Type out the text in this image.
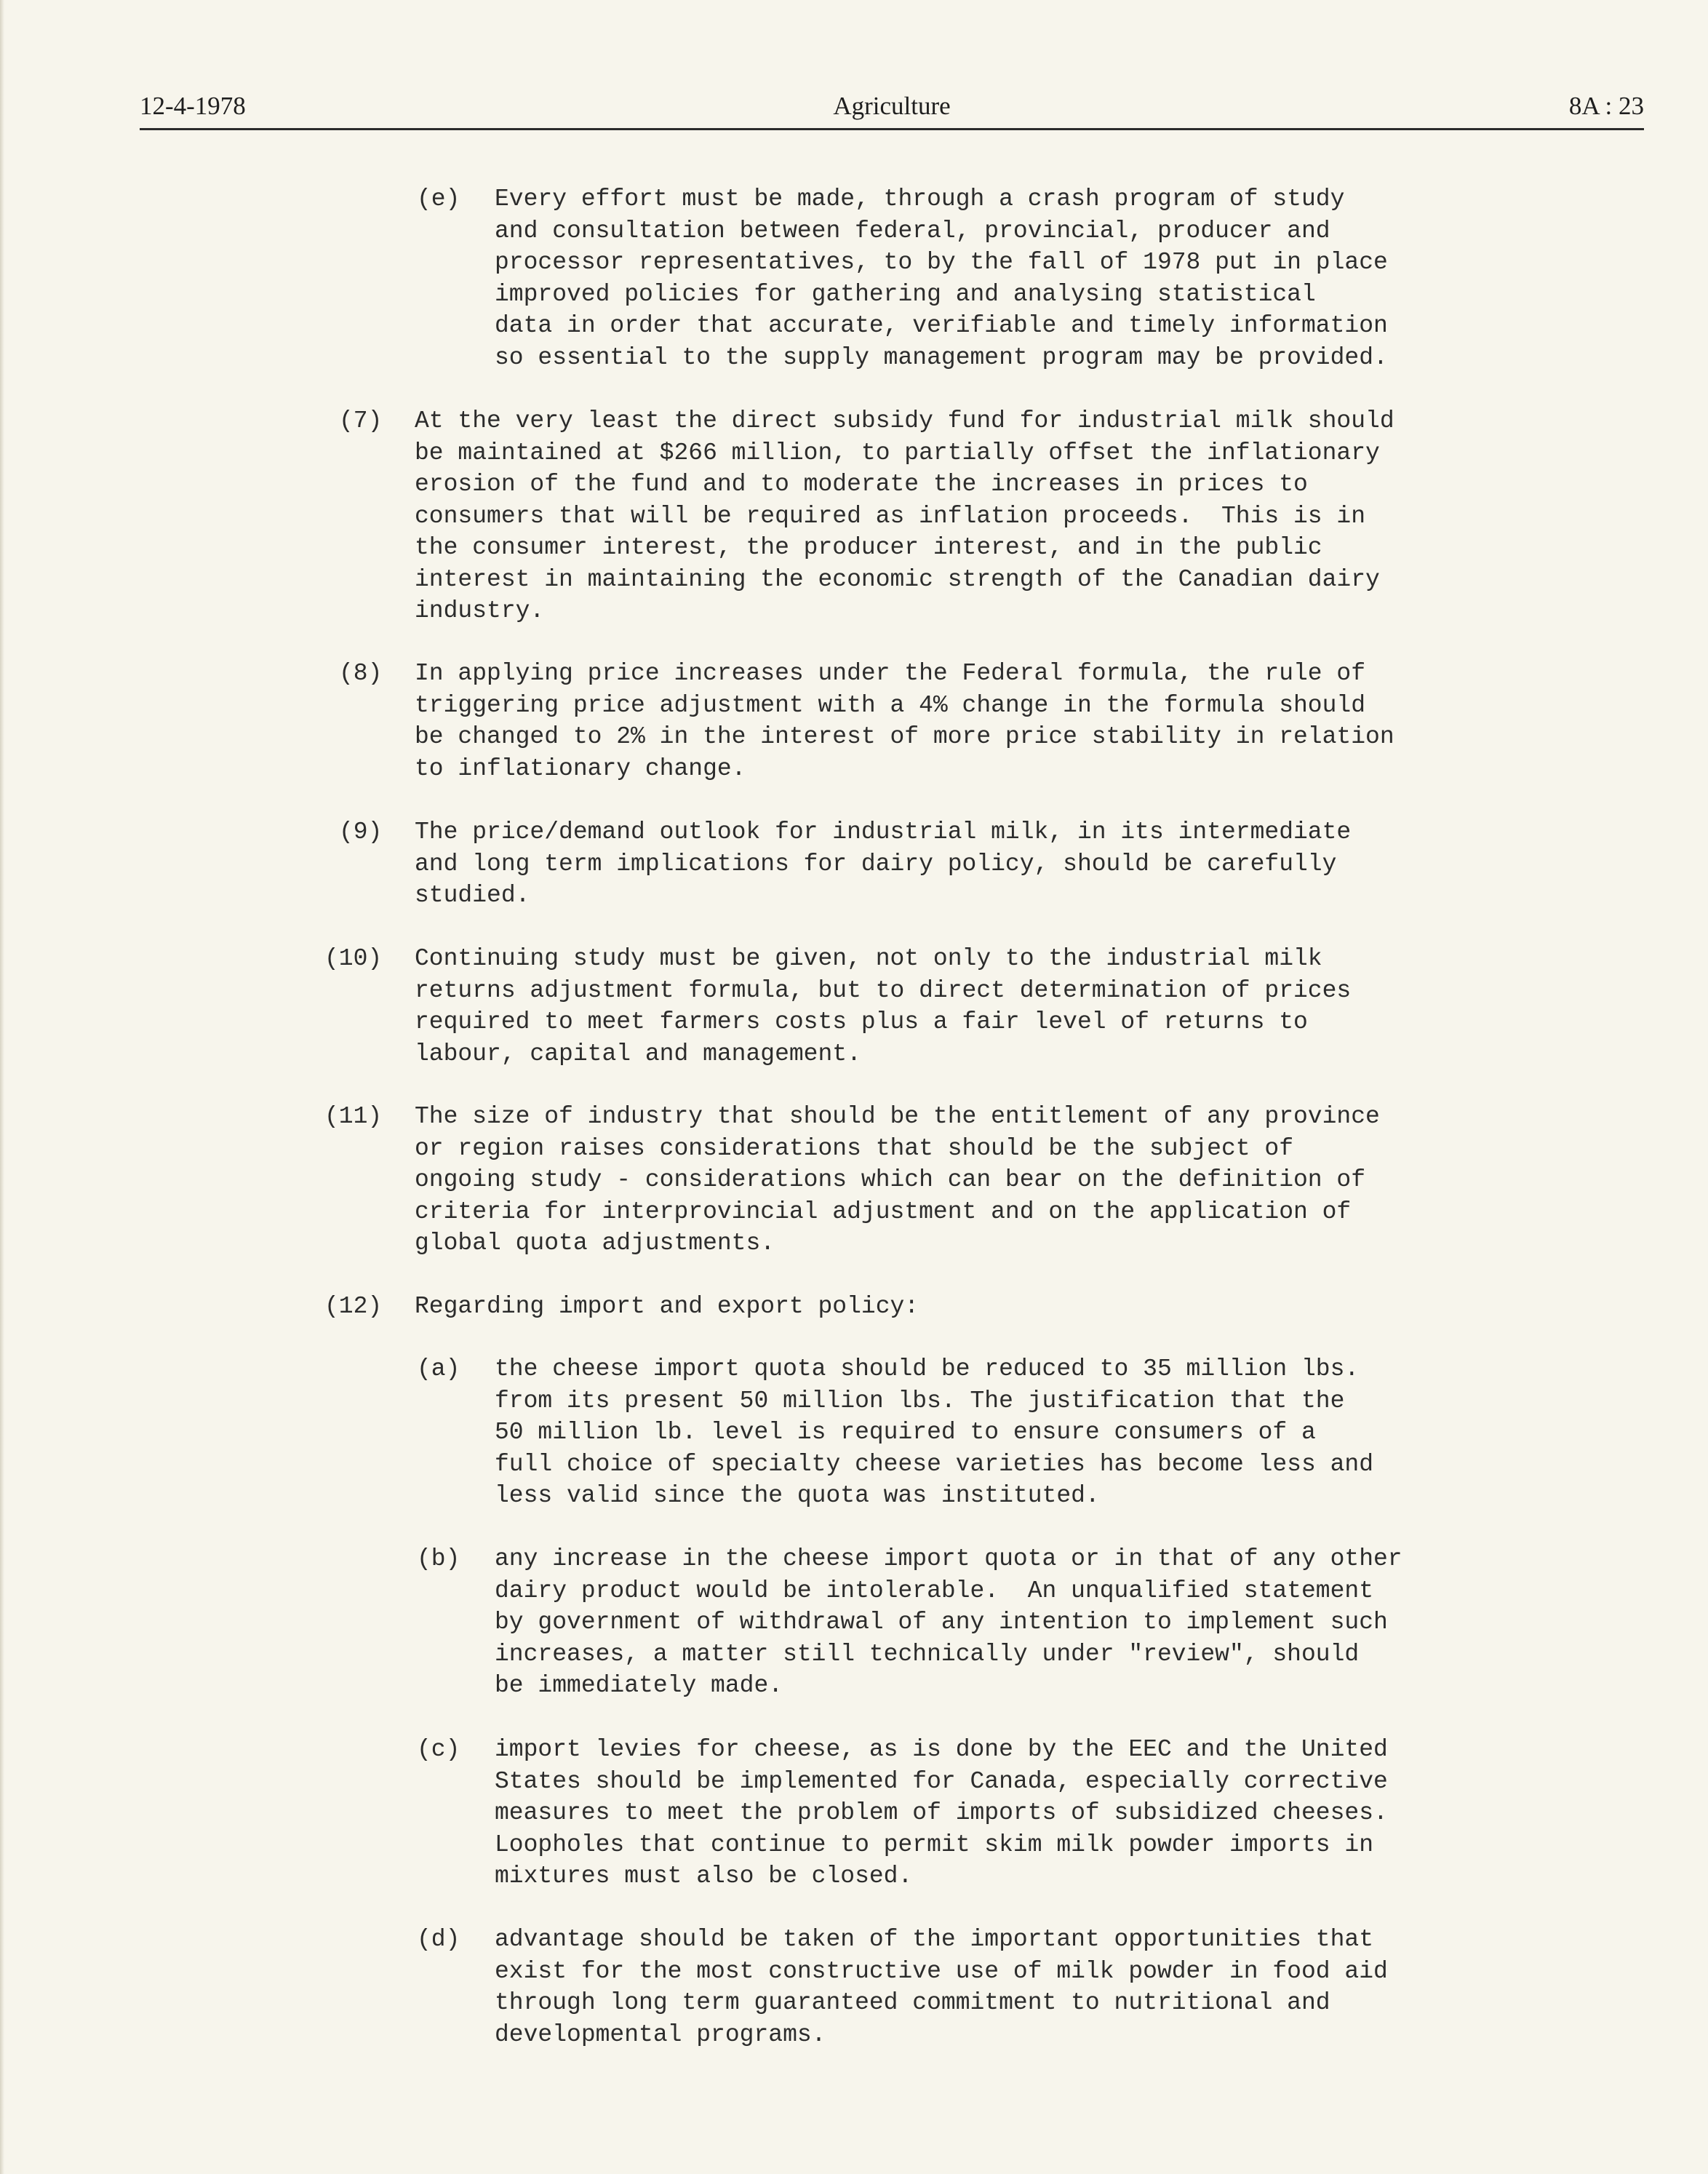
12-4-1978	Agriculture	8A : 23
(e) Every effort must be made, through a crash program of study
and consultation between federal, provincial, producer and
processor representatives, to by the fall of 1978 put in place
improved policies for gathering and analysing statistical
data in order that accurate, verifiable and timely information
so essential to the supply management program may be provided.
(7) At the very least the direct subsidy fund for industrial milk should
be maintained at $266 million, to partially offset the inflationary
erosion of the fund and to moderate the increases in prices to
consumers that will be required as inflation proceeds.  This is in
the consumer interest, the producer interest, and in the public
interest in maintaining the economic strength of the Canadian dairy
industry.
(8) In applying price increases under the Federal formula, the rule of
triggering price adjustment with a 4% change in the formula should
be changed to 2% in the interest of more price stability in relation
to inflationary change.
(9) The price/demand outlook for industrial milk, in its intermediate
and long term implications for dairy policy, should be carefully
studied.
(10) Continuing study must be given, not only to the industrial milk
returns adjustment formula, but to direct determination of prices
required to meet farmers costs plus a fair level of returns to
labour, capital and management.
(11) The size of industry that should be the entitlement of any province
or region raises considerations that should be the subject of
ongoing study - considerations which can bear on the definition of
criteria for interprovincial adjustment and on the application of
global quota adjustments.
(12) Regarding import and export policy:
(a) the cheese import quota should be reduced to 35 million lbs.
from its present 50 million lbs. The justification that the
50 million lb. level is required to ensure consumers of a
full choice of specialty cheese varieties has become less and
less valid since the quota was instituted.
(b) any increase in the cheese import quota or in that of any other
dairy product would be intolerable.  An unqualified statement
by government of withdrawal of any intention to implement such
increases, a matter still technically under "review", should
be immediately made.
(c) import levies for cheese, as is done by the EEC and the United
States should be implemented for Canada, especially corrective
measures to meet the problem of imports of subsidized cheeses.
Loopholes that continue to permit skim milk powder imports in
mixtures must also be closed.
(d) advantage should be taken of the important opportunities that
exist for the most constructive use of milk powder in food aid
through long term guaranteed commitment to nutritional and
developmental programs.
